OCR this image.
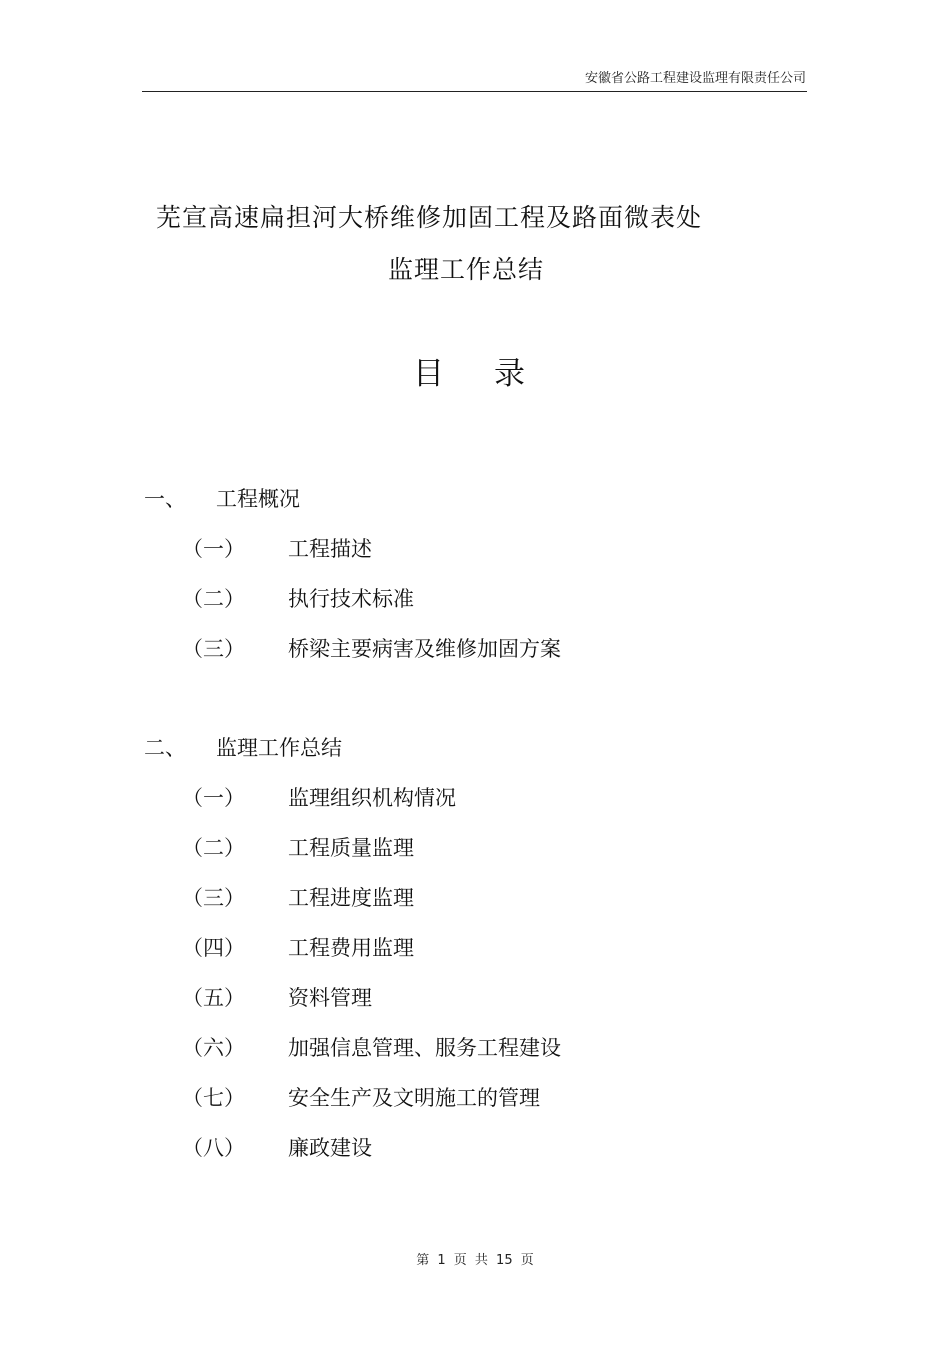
安徽省公路工程建设监理有限责任公司
芜宣高速扁担河大桥维修加固工程及路面微表处
监理工作总结
目录
一、 工程概况
（一） 工程描述
（二） 执行技术标准
（三） 桥梁主要病害及维修加固方案
二、 监理工作总结
（一） 监理组织机构情况
（二） 工程质量监理
（三） 工程进度监理
（四） 工程费用监理
（五） 资料管理
（六） 加强信息管理、服务工程建设
（七） 安全生产及文明施工的管理
（八） 廉政建设
第 1 页 共 15 页
